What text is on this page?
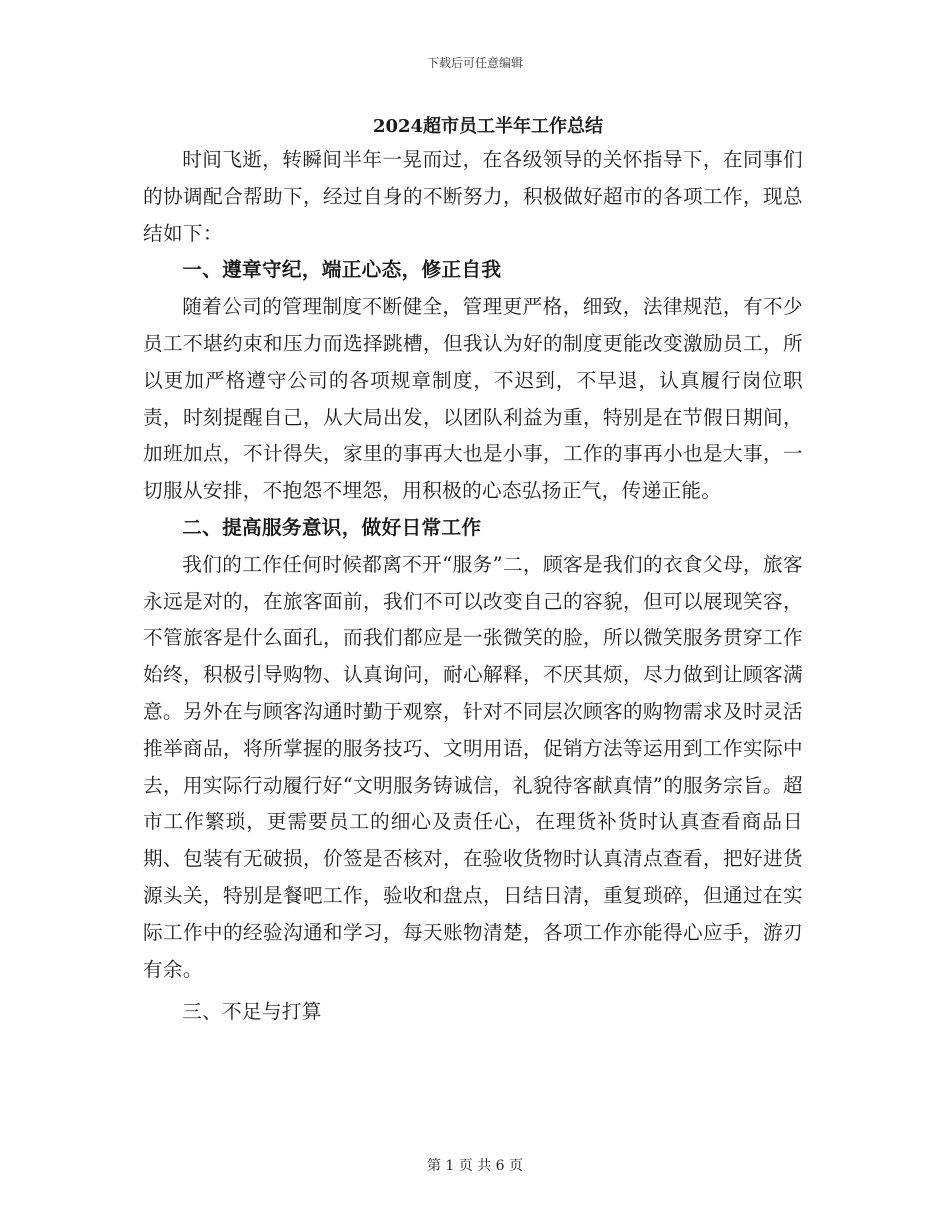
下载后可任意编辑
2024超市员工半年工作总结

时间飞逝，转瞬间半年一晃而过，在各级领导的关怀指导下，在同事们的协调配合帮助下，经过自身的不断努力，积极做好超市的各项工作，现总结如下：

一、遵章守纪，端正心态，修正自我

随着公司的管理制度不断健全，管理更严格，细致，法律规范，有不少员工不堪约束和压力而选择跳槽，但我认为好的制度更能改变激励员工，所以更加严格遵守公司的各项规章制度，不迟到，不早退，认真履行岗位职责，时刻提醒自己，从大局出发，以团队利益为重，特别是在节假日期间，加班加点，不计得失，家里的事再大也是小事，工作的事再小也是大事，一切服从安排，不抱怨不埋怨，用积极的心态弘扬正气，传递正能。

二、提高服务意识，做好日常工作

我们的工作任何时候都离不开“服务”二，顾客是我们的衣食父母，旅客永远是对的，在旅客面前，我们不可以改变自己的容貌，但可以展现笑容，不管旅客是什么面孔，而我们都应是一张微笑的脸，所以微笑服务贯穿工作始终，积极引导购物、认真询问，耐心解释，不厌其烦，尽力做到让顾客满意。另外在与顾客沟通时勤于观察，针对不同层次顾客的购物需求及时灵活推举商品，将所掌握的服务技巧、文明用语，促销方法等运用到工作实际中去，用实际行动履行好“文明服务铸诚信，礼貌待客献真情”的服务宗旨。超市工作繁琐，更需要员工的细心及责任心，在理货补货时认真查看商品日期、包装有无破损，价签是否核对，在验收货物时认真清点查看，把好进货源头关，特别是餐吧工作，验收和盘点，日结日清，重复琐碎，但通过在实际工作中的经验沟通和学习，每天账物清楚，各项工作亦能得心应手，游刃有余。

三、不足与打算

第 1 页 共 6 页
